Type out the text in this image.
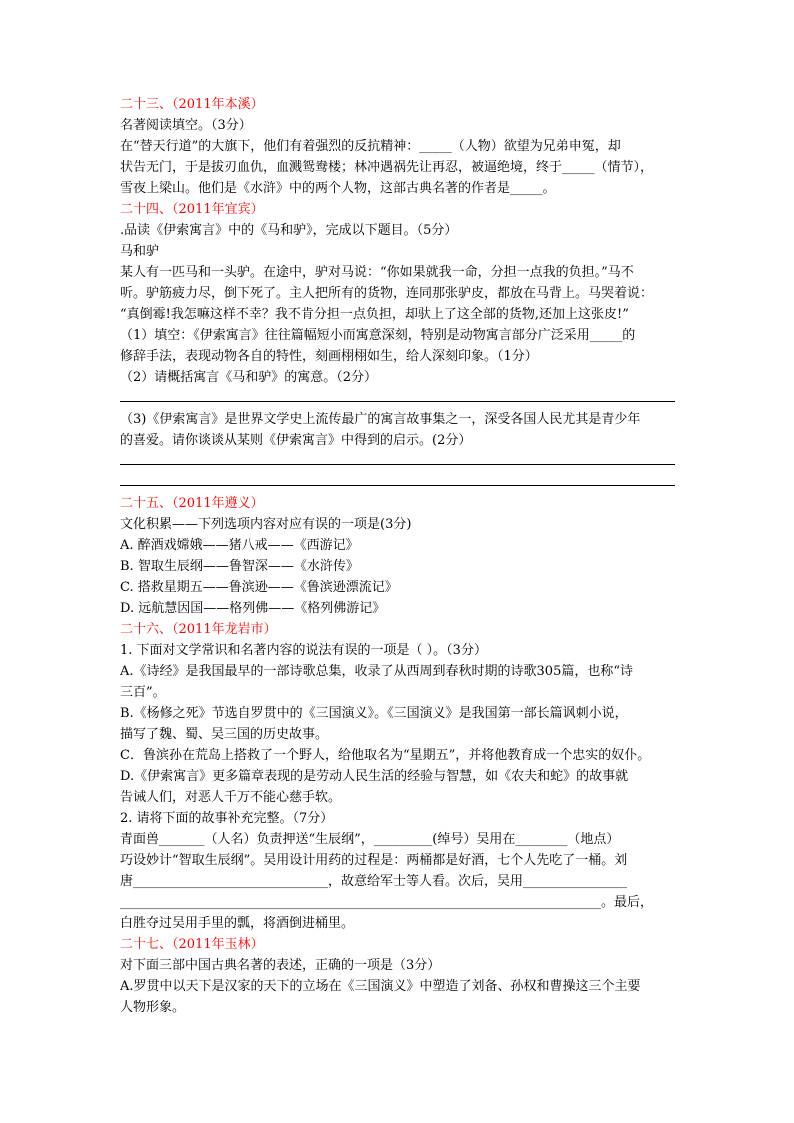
二十三、（2011年本溪）
名著阅读填空。（3分）
在“替天行道”的大旗下，他们有着强烈的反抗精神：_____（人物）欲望为兄弟申冤，却
状告无门，于是拔刃血仇，血溅鸳鸯楼；林冲遇祸先让再忍，被逼绝境，终于_____（情节），
雪夜上梁山。他们是《水浒》中的两个人物，这部古典名著的作者是_____。
二十四、（2011年宜宾）
.品读《伊索寓言》中的《马和驴》，完成以下题目。（5分）
马和驴
某人有一匹马和一头驴。在途中，驴对马说：“你如果就我一命，分担一点我的负担。”马不
听。驴筋疲力尽，倒下死了。主人把所有的货物，连同那张驴皮，都放在马背上。马哭着说：
“真倒霉!我怎嘛这样不幸？我不肯分担一点负担，却驮上了这全部的货物,还加上这张皮!”
（1）填空：《伊索寓言》往往篇幅短小而寓意深刻，特别是动物寓言部分广泛采用_____的
修辞手法，表现动物各自的特性，刻画栩栩如生，给人深刻印象。（1分）
（2）请概括寓言《马和驴》的寓意。（2分）
（3)《伊索寓言》是世界文学史上流传最广的寓言故事集之一，深受各国人民尤其是青少年
的喜爱。请你谈谈从某则《伊索寓言》中得到的启示。(2分）
二十五、（2011年遵义）
文化积累——下列选项内容对应有误的一项是(3分)
A. 醉酒戏嫦娥——猪八戒——《西游记》
B. 智取生辰纲——鲁智深——《水浒传》
C. 搭救星期五——鲁滨逊——《鲁滨逊漂流记》
D. 远航慧因国——格列佛——《格列佛游记》
二十六、（2011年龙岩市）
1. 下面对文学常识和名著内容的说法有误的一项是（ ）。（3分）
A.《诗经》是我国最早的一部诗歌总集，收录了从西周到春秋时期的诗歌305篇，也称“诗
三百”。
B.《杨修之死》节选自罗贯中的《三国演义》。《三国演义》是我国第一部长篇讽刺小说，
描写了魏、蜀、吴三国的历史故事。
C．鲁滨孙在荒岛上搭救了一个野人，给他取名为“星期五”，并将他教育成一个忠实的奴仆。
D.《伊索寓言》更多篇章表现的是劳动人民生活的经验与智慧，如《农夫和蛇》的故事就
告诫人们，对恶人千万不能心慈手软。
2. 请将下面的故事补充完整。（7分）
青面兽_______（人名）负责押送“生辰纲”，_________(绰号）吴用在________（地点）
巧设妙计“智取生辰纲”。吴用设计用药的过程是：两桶都是好酒，七个人先吃了一桶。刘
唐______________________________，故意给军士等人看。次后，吴用________________
__________________________________________________________________________。最后，
白胜夺过吴用手里的瓢，将酒倒进桶里。
二十七、（2011年玉林）
对下面三部中国古典名著的表述，正确的一项是（3分）
A.罗贯中以天下是汉家的天下的立场在《三国演义》中塑造了刘备、孙权和曹操这三个主要
人物形象。
